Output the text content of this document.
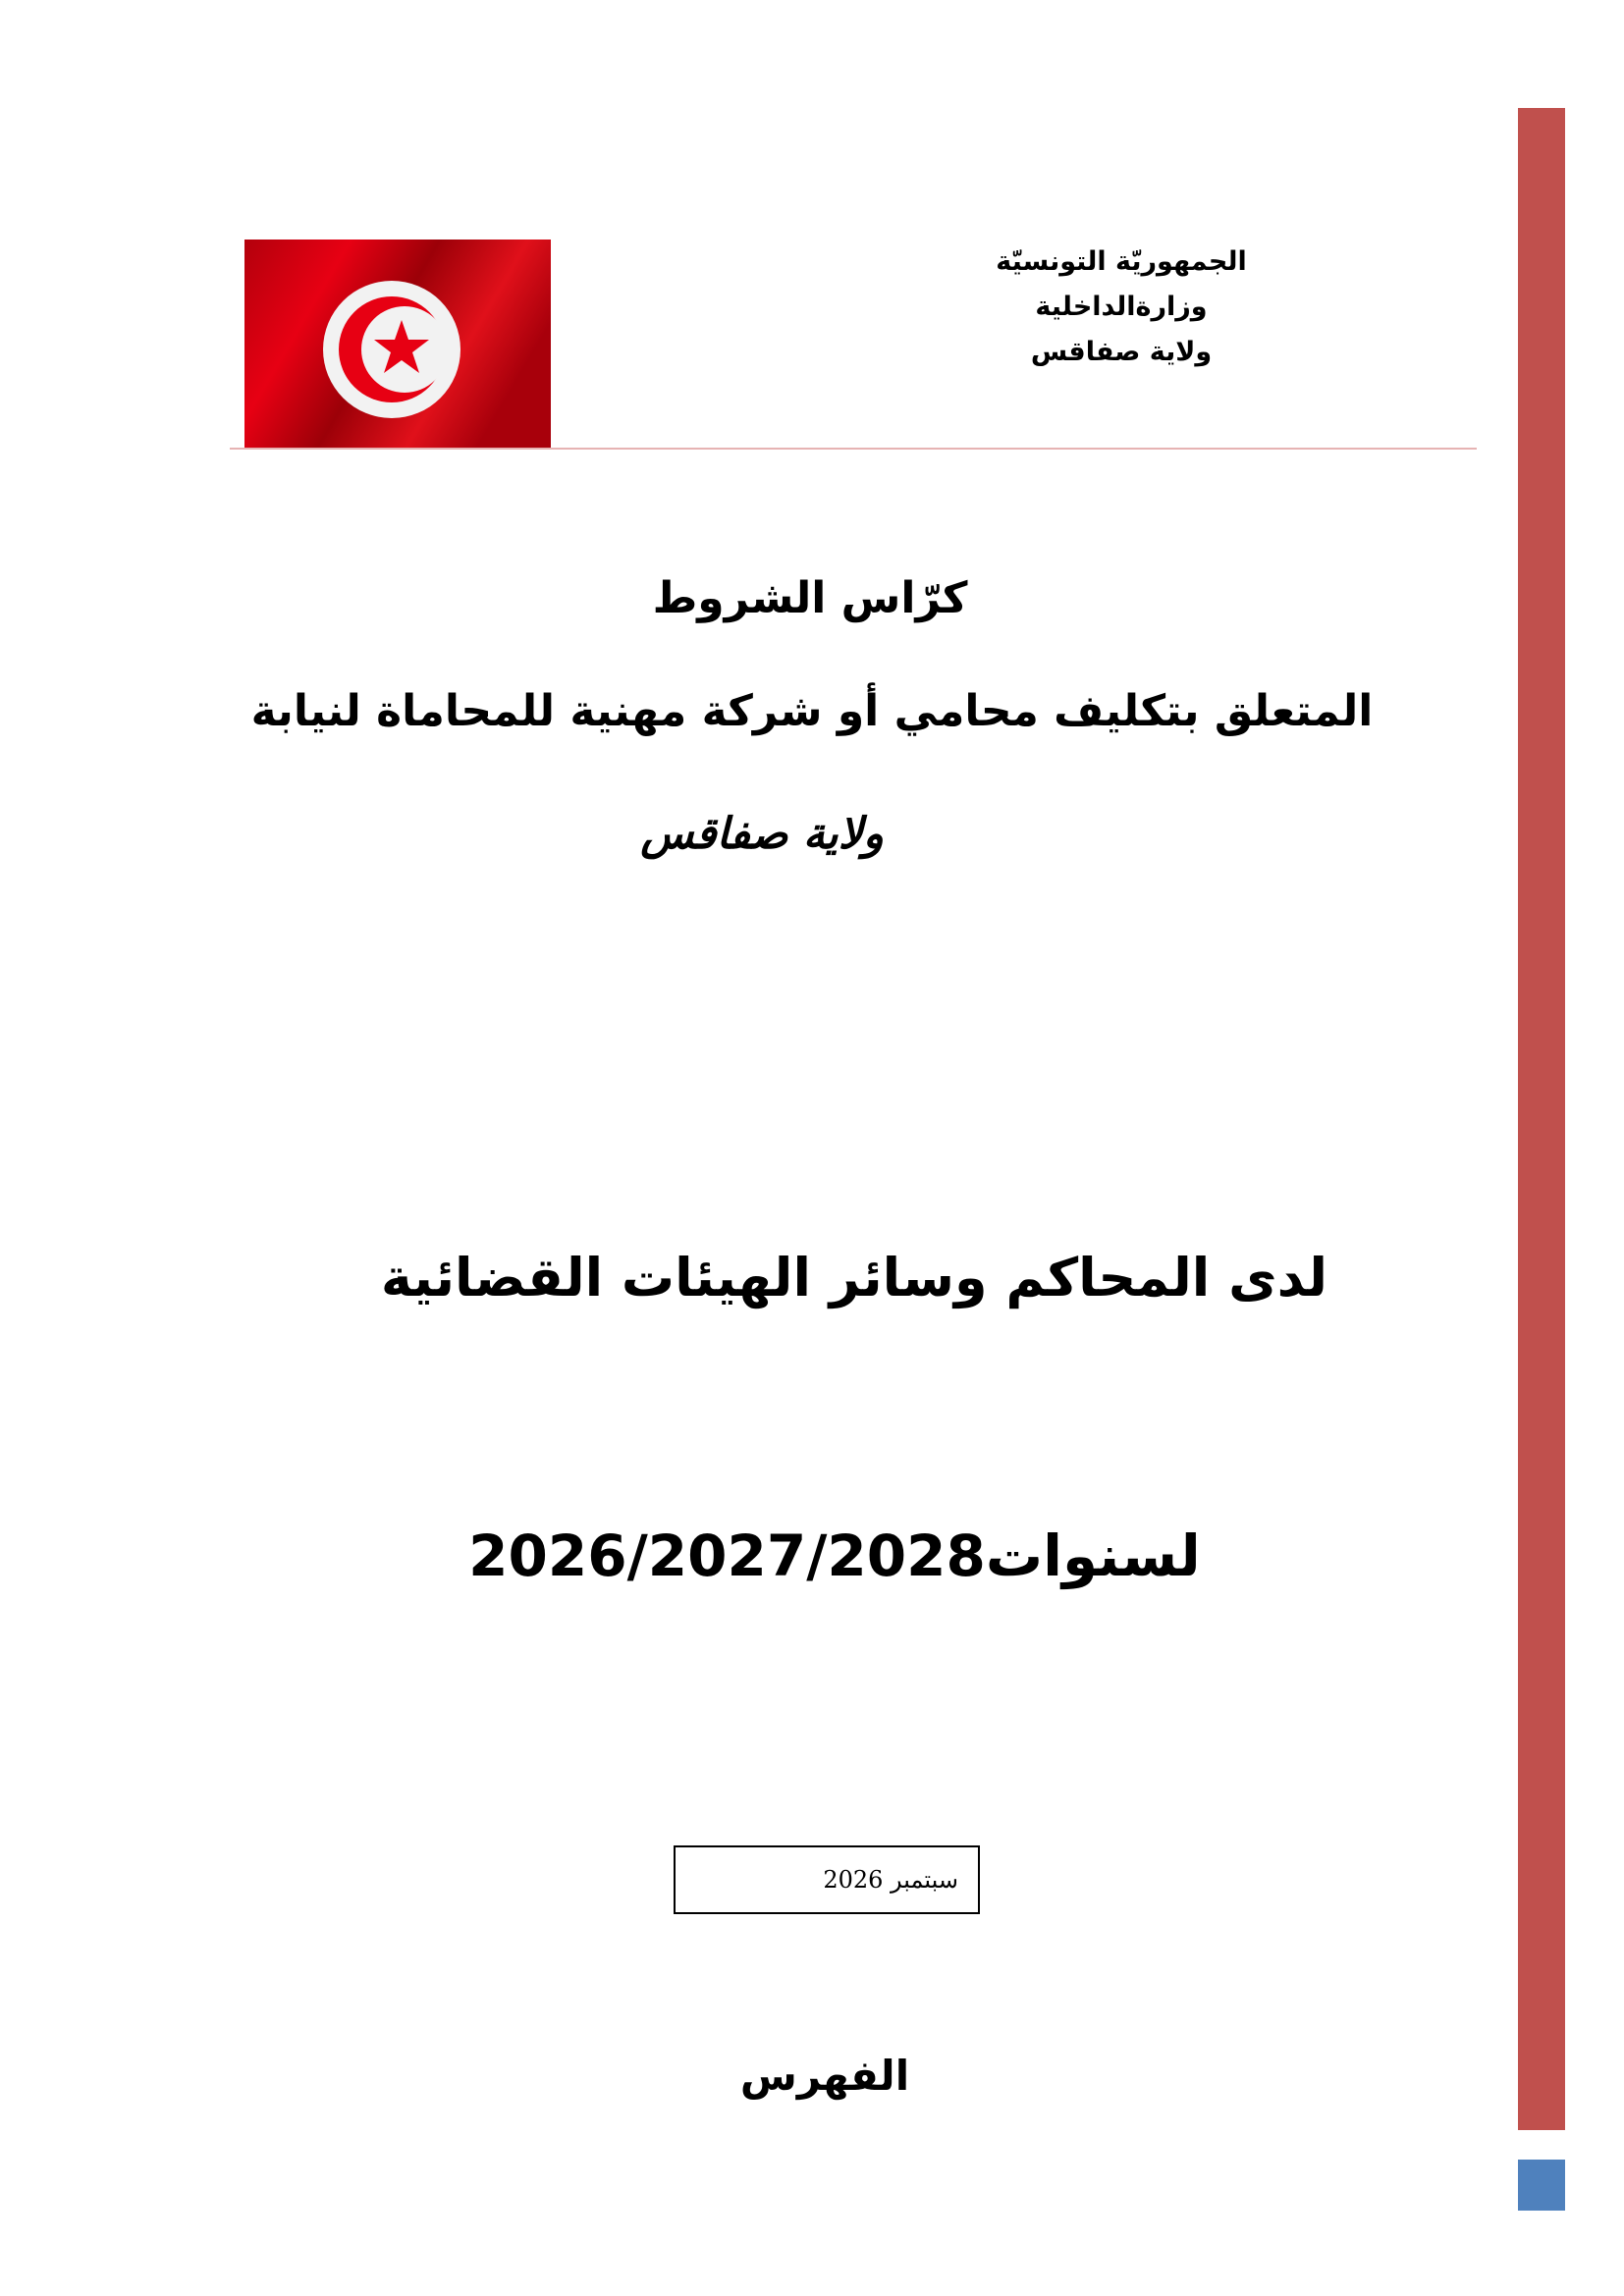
الجمهوريّة التونسيّة
وزارةالداخلية
ولاية صفاقس
كرّاس الشروط
المتعلق بتكليف محامي أو شركة مهنية للمحاماة لنيابة
ولاية صفاقس
لدى المحاكم وسائر الهيئات القضائية
لسنوات2026/2027/2028
سبتمبر 2026
الفهرس
